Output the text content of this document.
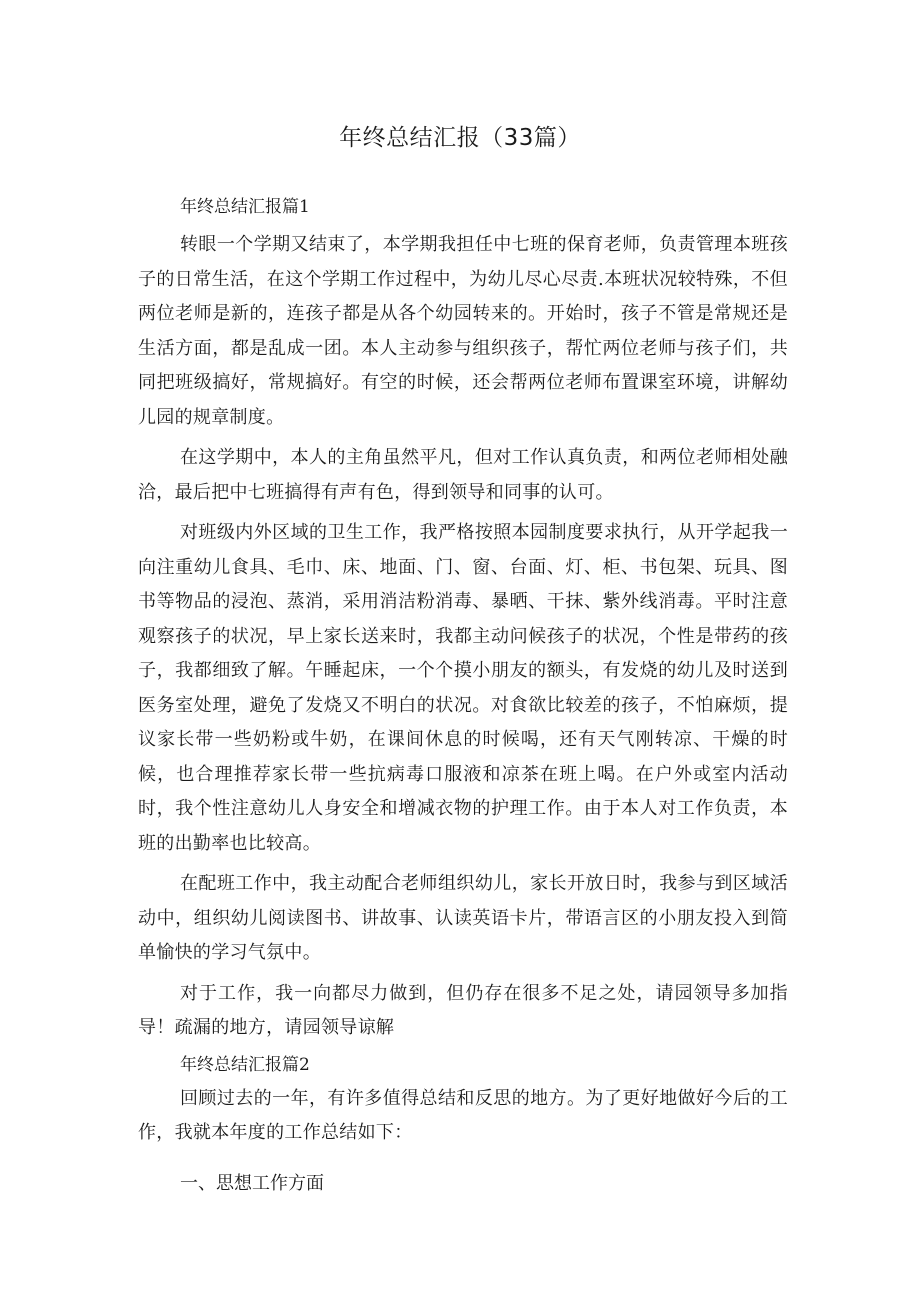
年终总结汇报（33篇）

年终总结汇报篇1

转眼一个学期又结束了，本学期我担任中七班的保育老师，负责管理本班孩子的日常生活，在这个学期工作过程中，为幼儿尽心尽责.本班状况较特殊，不但两位老师是新的，连孩子都是从各个幼园转来的。开始时，孩子不管是常规还是生活方面，都是乱成一团。本人主动参与组织孩子，帮忙两位老师与孩子们，共同把班级搞好，常规搞好。有空的时候，还会帮两位老师布置课室环境，讲解幼儿园的规章制度。

在这学期中，本人的主角虽然平凡，但对工作认真负责，和两位老师相处融洽，最后把中七班搞得有声有色，得到领导和同事的认可。

对班级内外区域的卫生工作，我严格按照本园制度要求执行，从开学起我一向注重幼儿食具、毛巾、床、地面、门、窗、台面、灯、柜、书包架、玩具、图书等物品的浸泡、蒸消，采用消洁粉消毒、暴晒、干抹、紫外线消毒。平时注意观察孩子的状况，早上家长送来时，我都主动问候孩子的状况，个性是带药的孩子，我都细致了解。午睡起床，一个个摸小朋友的额头，有发烧的幼儿及时送到医务室处理，避免了发烧又不明白的状况。对食欲比较差的孩子，不怕麻烦，提议家长带一些奶粉或牛奶，在课间休息的时候喝，还有天气刚转凉、干燥的时候，也合理推荐家长带一些抗病毒口服液和凉茶在班上喝。在户外或室内活动时，我个性注意幼儿人身安全和增减衣物的护理工作。由于本人对工作负责，本班的出勤率也比较高。

在配班工作中，我主动配合老师组织幼儿，家长开放日时，我参与到区域活动中，组织幼儿阅读图书、讲故事、认读英语卡片，带语言区的小朋友投入到简单愉快的学习气氛中。

对于工作，我一向都尽力做到，但仍存在很多不足之处，请园领导多加指导！疏漏的地方，请园领导谅解

年终总结汇报篇2

回顾过去的一年，有许多值得总结和反思的地方。为了更好地做好今后的工作，我就本年度的工作总结如下：

一、思想工作方面
